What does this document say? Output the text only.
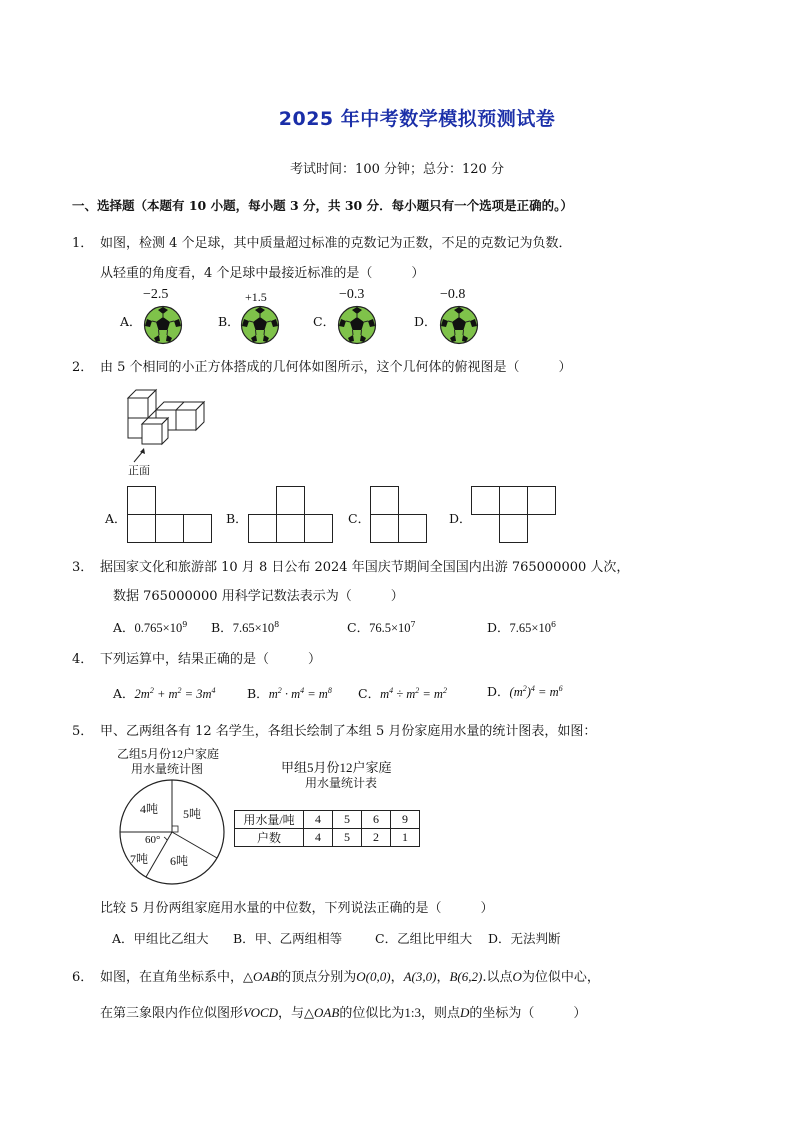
2025 年中考数学模拟预测试卷
考试时间：100 分钟；总分：120 分
一、选择题（本题有 10 小题，每小题 3 分，共 30 分．每小题只有一个选项是正确的。）
1． 如图，检测 4 个足球，其中质量超过标准的克数记为正数，不足的克数记为负数．
从轻重的角度看，4 个足球中最接近标准的是（　　　）
−2.5
A．
+1.5
B．
−0.3
C．
−0.8
D．
2． 由 5 个相同的小正方体搭成的几何体如图所示，这个几何体的俯视图是（　　　）
正面
A．	B．	C．	D．
3． 据国家文化和旅游部 10 月 8 日公布 2024 年国庆节期间全国国内出游 765000000 人次，
数据 765000000 用科学记数法表示为（　　　）
A．$0.765\times 10^9$ B．$7.65\times 10^8$	C．$76.5\times 10^7$	D．$7.65\times 10^6$
4． 下列运算中，结果正确的是（　　　）
A．$2m^2 + m^2 = 3m^4$	B．$m^2 \cdot m^4 = m^8$ C．$m^4 \div m^2 = m^2$	D．$(m^2)^4 = m^6$
5． 甲、乙两组各有 12 名学生，各组长绘制了本组 5 月份家庭用水量的统计图表，如图：
乙组5月份12户家庭
用水量统计图
4吨 5吨
60°
7吨 6吨
甲组5月份12户家庭
用水量统计表
用水量/吨	4	5	6	9
户数	4	5	2	1
比较 5 月份两组家庭用水量的中位数，下列说法正确的是（　　　）
A．甲组比乙组大 B．甲、乙两组相等	C．乙组比甲组大 D．无法判断
6． 如图，在直角坐标系中，△OAB的顶点分别为O(0,0)，A(3,0)，B(6,2).以点O为位似中心，
在第三象限内作位似图形VOCD，与△OAB的位似比为1:3，则点D的坐标为（　　　）
